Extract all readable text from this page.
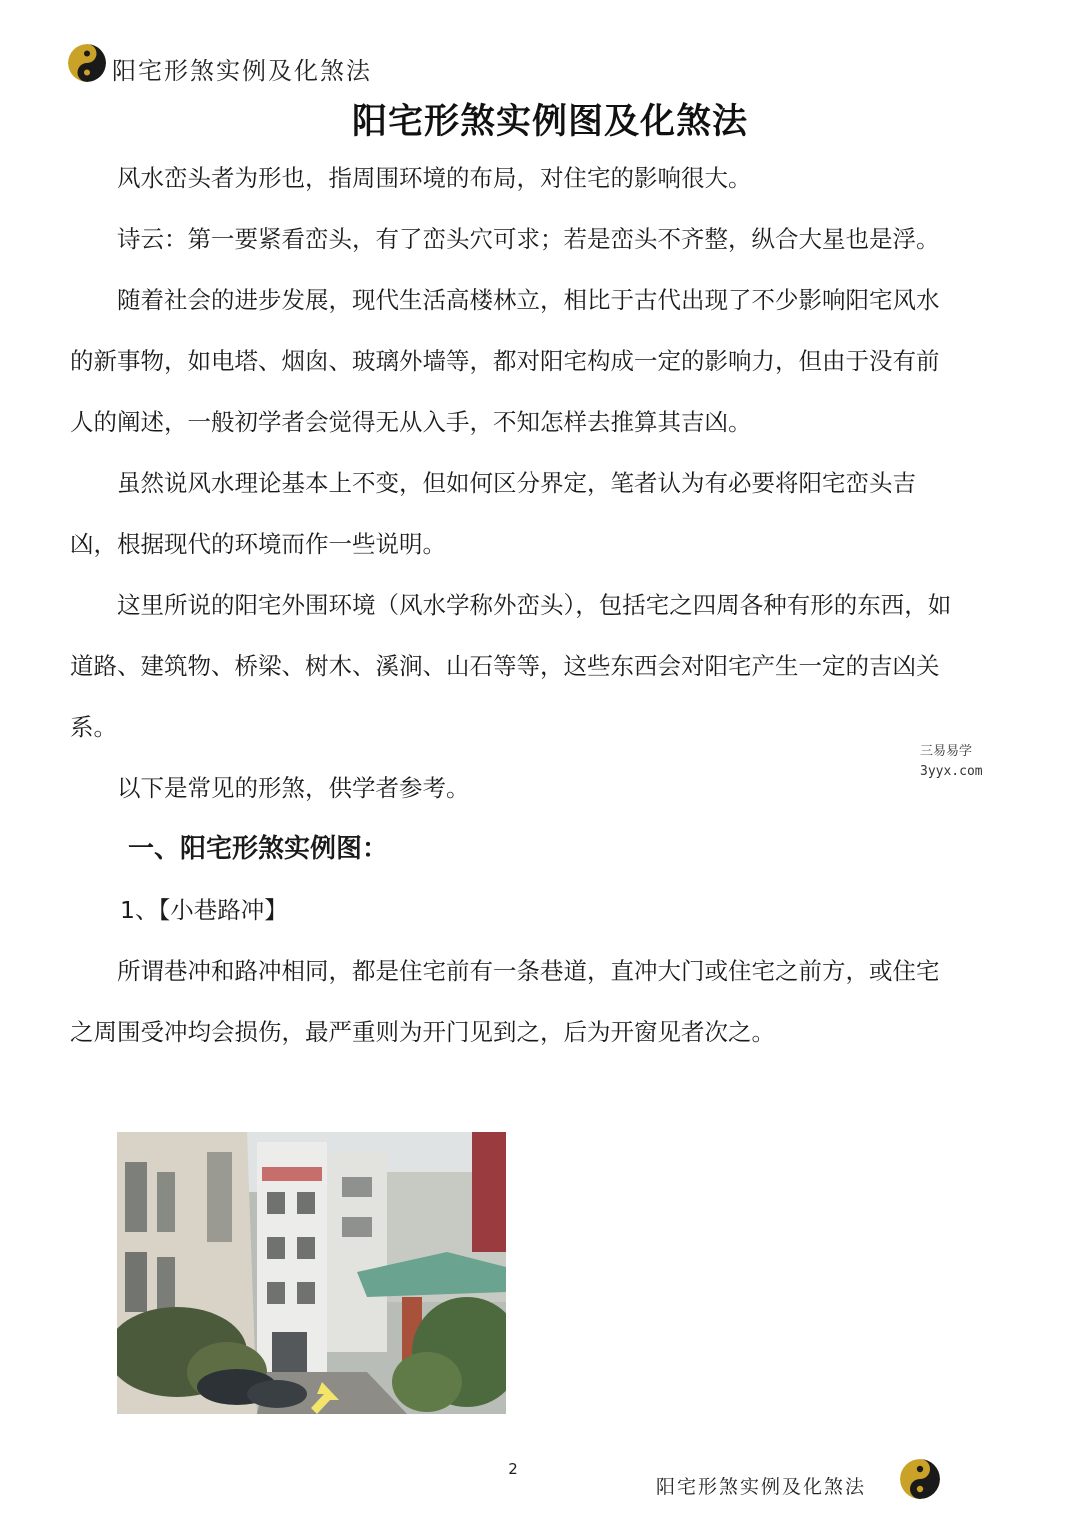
阳宅形煞实例及化煞法
阳宅形煞实例图及化煞法

风水峦头者为形也，指周围环境的布局，对住宅的影响很大。

诗云：第一要紧看峦头，有了峦头穴可求；若是峦头不齐整，纵合大星也是浮。

随着社会的进步发展，现代生活高楼林立，相比于古代出现了不少影响阳宅风水的新事物，如电塔、烟囱、玻璃外墙等，都对阳宅构成一定的影响力，但由于没有前人的阐述，一般初学者会觉得无从入手，不知怎样去推算其吉凶。

虽然说风水理论基本上不变，但如何区分界定，笔者认为有必要将阳宅峦头吉凶，根据现代的环境而作一些说明。

这里所说的阳宅外围环境（风水学称外峦头），包括宅之四周各种有形的东西，如道路、建筑物、桥梁、树木、溪涧、山石等等，这些东西会对阳宅产生一定的吉凶关系。

以下是常见的形煞，供学者参考。

一、阳宅形煞实例图：

1、【小巷路冲】

所谓巷冲和路冲相同，都是住宅前有一条巷道，直冲大门或住宅之前方，或住宅之周围受冲均会损伤，最严重则为开门见到之，后为开窗见者次之。

三易易学
3yyx.com
2
阳宅形煞实例及化煞法
